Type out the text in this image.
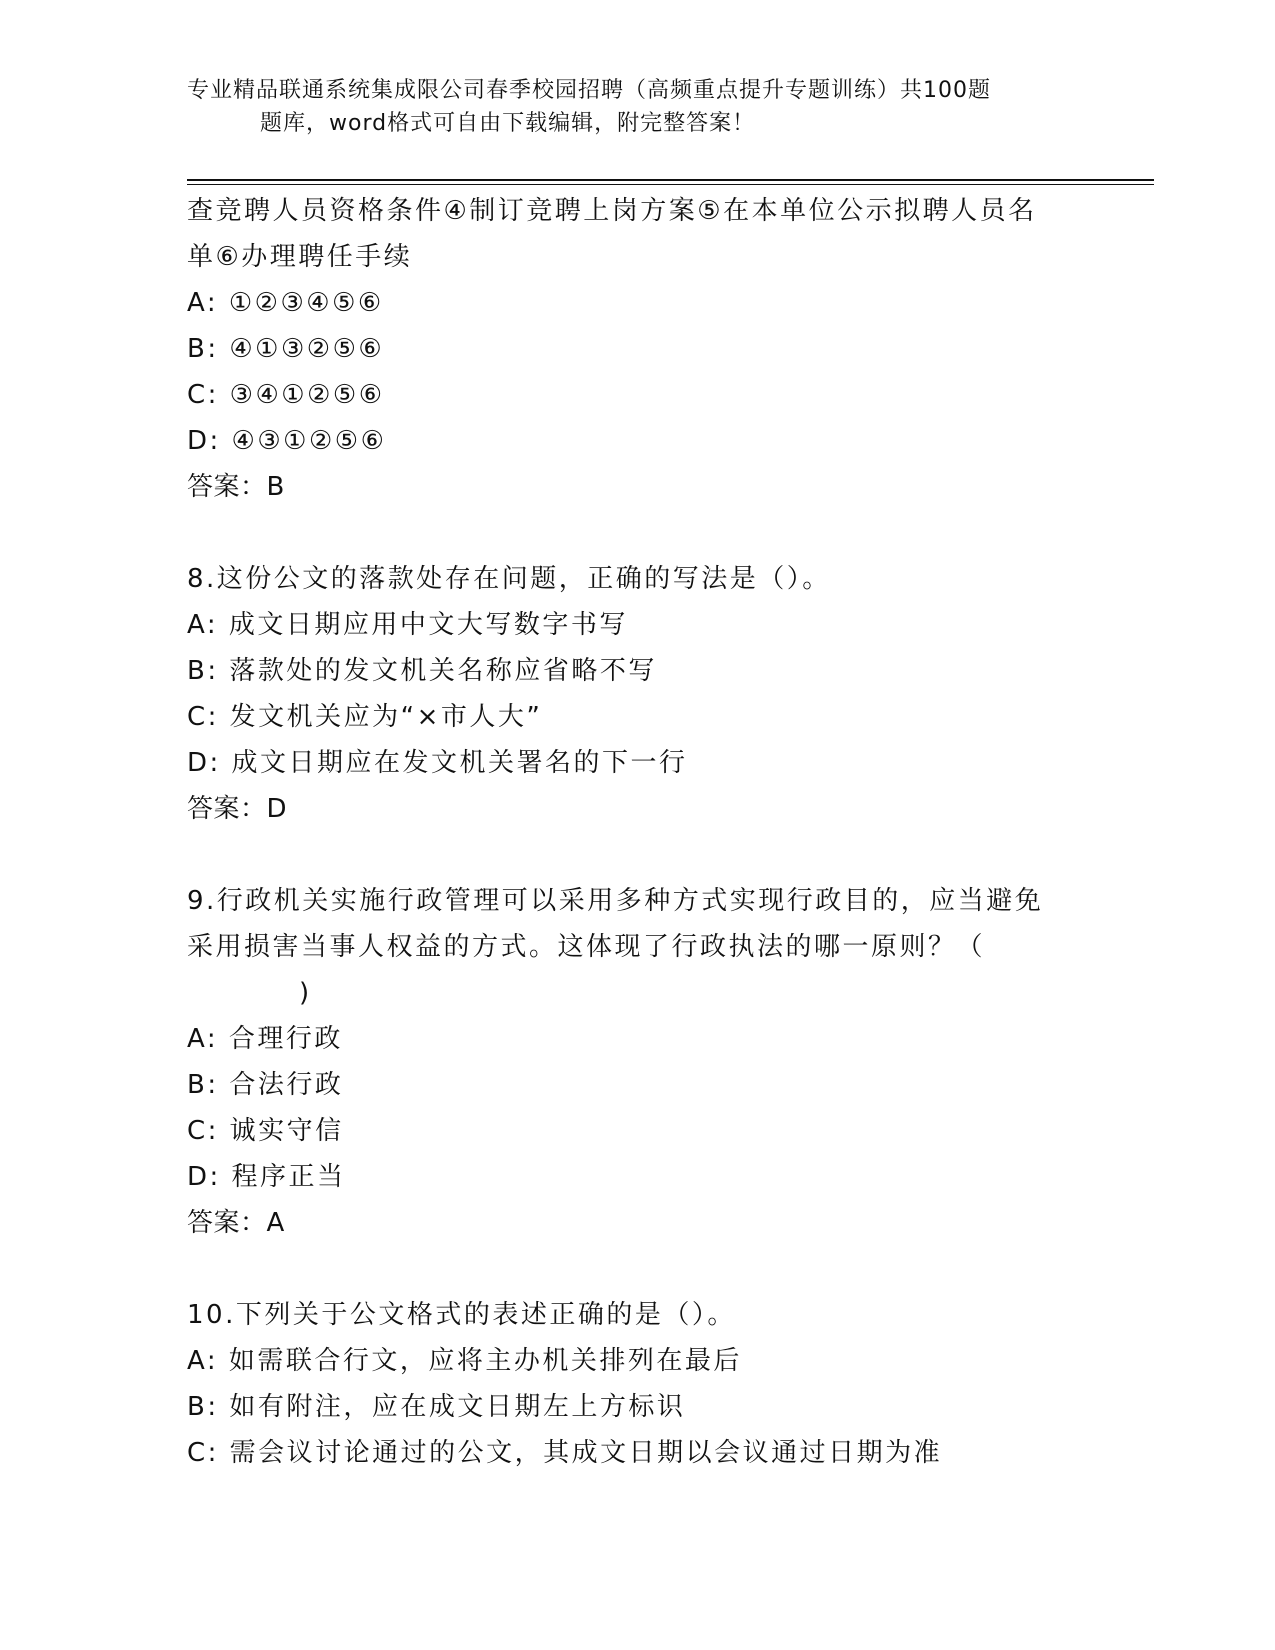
专业精品联通系统集成限公司春季校园招聘（高频重点提升专题训练）共100题
题库，word格式可自由下载编辑，附完整答案！
查竞聘人员资格条件④制订竞聘上岗方案⑤在本单位公示拟聘人员名
单⑥办理聘任手续
A: ①②③④⑤⑥
B: ④①③②⑤⑥
C: ③④①②⑤⑥
D: ④③①②⑤⑥
答案：B
8.这份公文的落款处存在问题，正确的写法是（）。
A: 成文日期应用中文大写数字书写
B: 落款处的发文机关名称应省略不写
C: 发文机关应为“×市人大”
D: 成文日期应在发文机关署名的下一行
答案：D
9.行政机关实施行政管理可以采用多种方式实现行政目的，应当避免
采用损害当事人权益的方式。这体现了行政执法的哪一原则？（
)
A: 合理行政
B: 合法行政
C: 诚实守信
D: 程序正当
答案：A
10.下列关于公文格式的表述正确的是（）。
A: 如需联合行文，应将主办机关排列在最后
B: 如有附注，应在成文日期左上方标识
C: 需会议讨论通过的公文，其成文日期以会议通过日期为准
